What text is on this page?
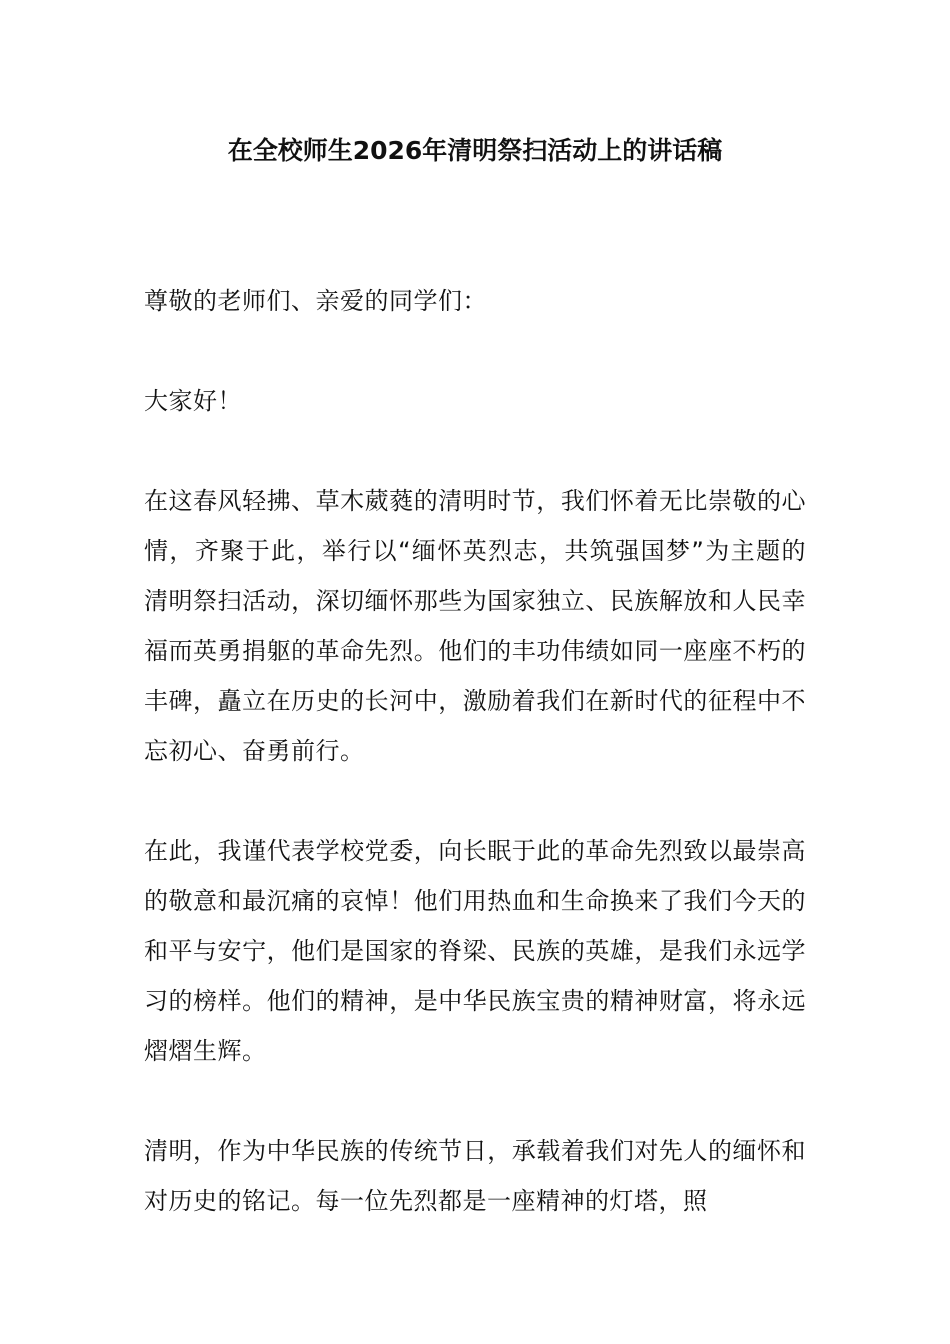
在全校师生2026年清明祭扫活动上的讲话稿

尊敬的老师们、亲爱的同学们：

大家好！

在这春风轻拂、草木葳蕤的清明时节，我们怀着无比崇敬的心情，齐聚于此，举行以“缅怀英烈志，共筑强国梦”为主题的清明祭扫活动，深切缅怀那些为国家独立、民族解放和人民幸福而英勇捐躯的革命先烈。他们的丰功伟绩如同一座座不朽的丰碑，矗立在历史的长河中，激励着我们在新时代的征程中不忘初心、奋勇前行。

在此，我谨代表学校党委，向长眠于此的革命先烈致以最崇高的敬意和最沉痛的哀悼！他们用热血和生命换来了我们今天的和平与安宁，他们是国家的脊梁、民族的英雄，是我们永远学习的榜样。他们的精神，是中华民族宝贵的精神财富，将永远熠熠生辉。

清明，作为中华民族的传统节日，承载着我们对先人的缅怀和对历史的铭记。每一位先烈都是一座精神的灯塔，照
